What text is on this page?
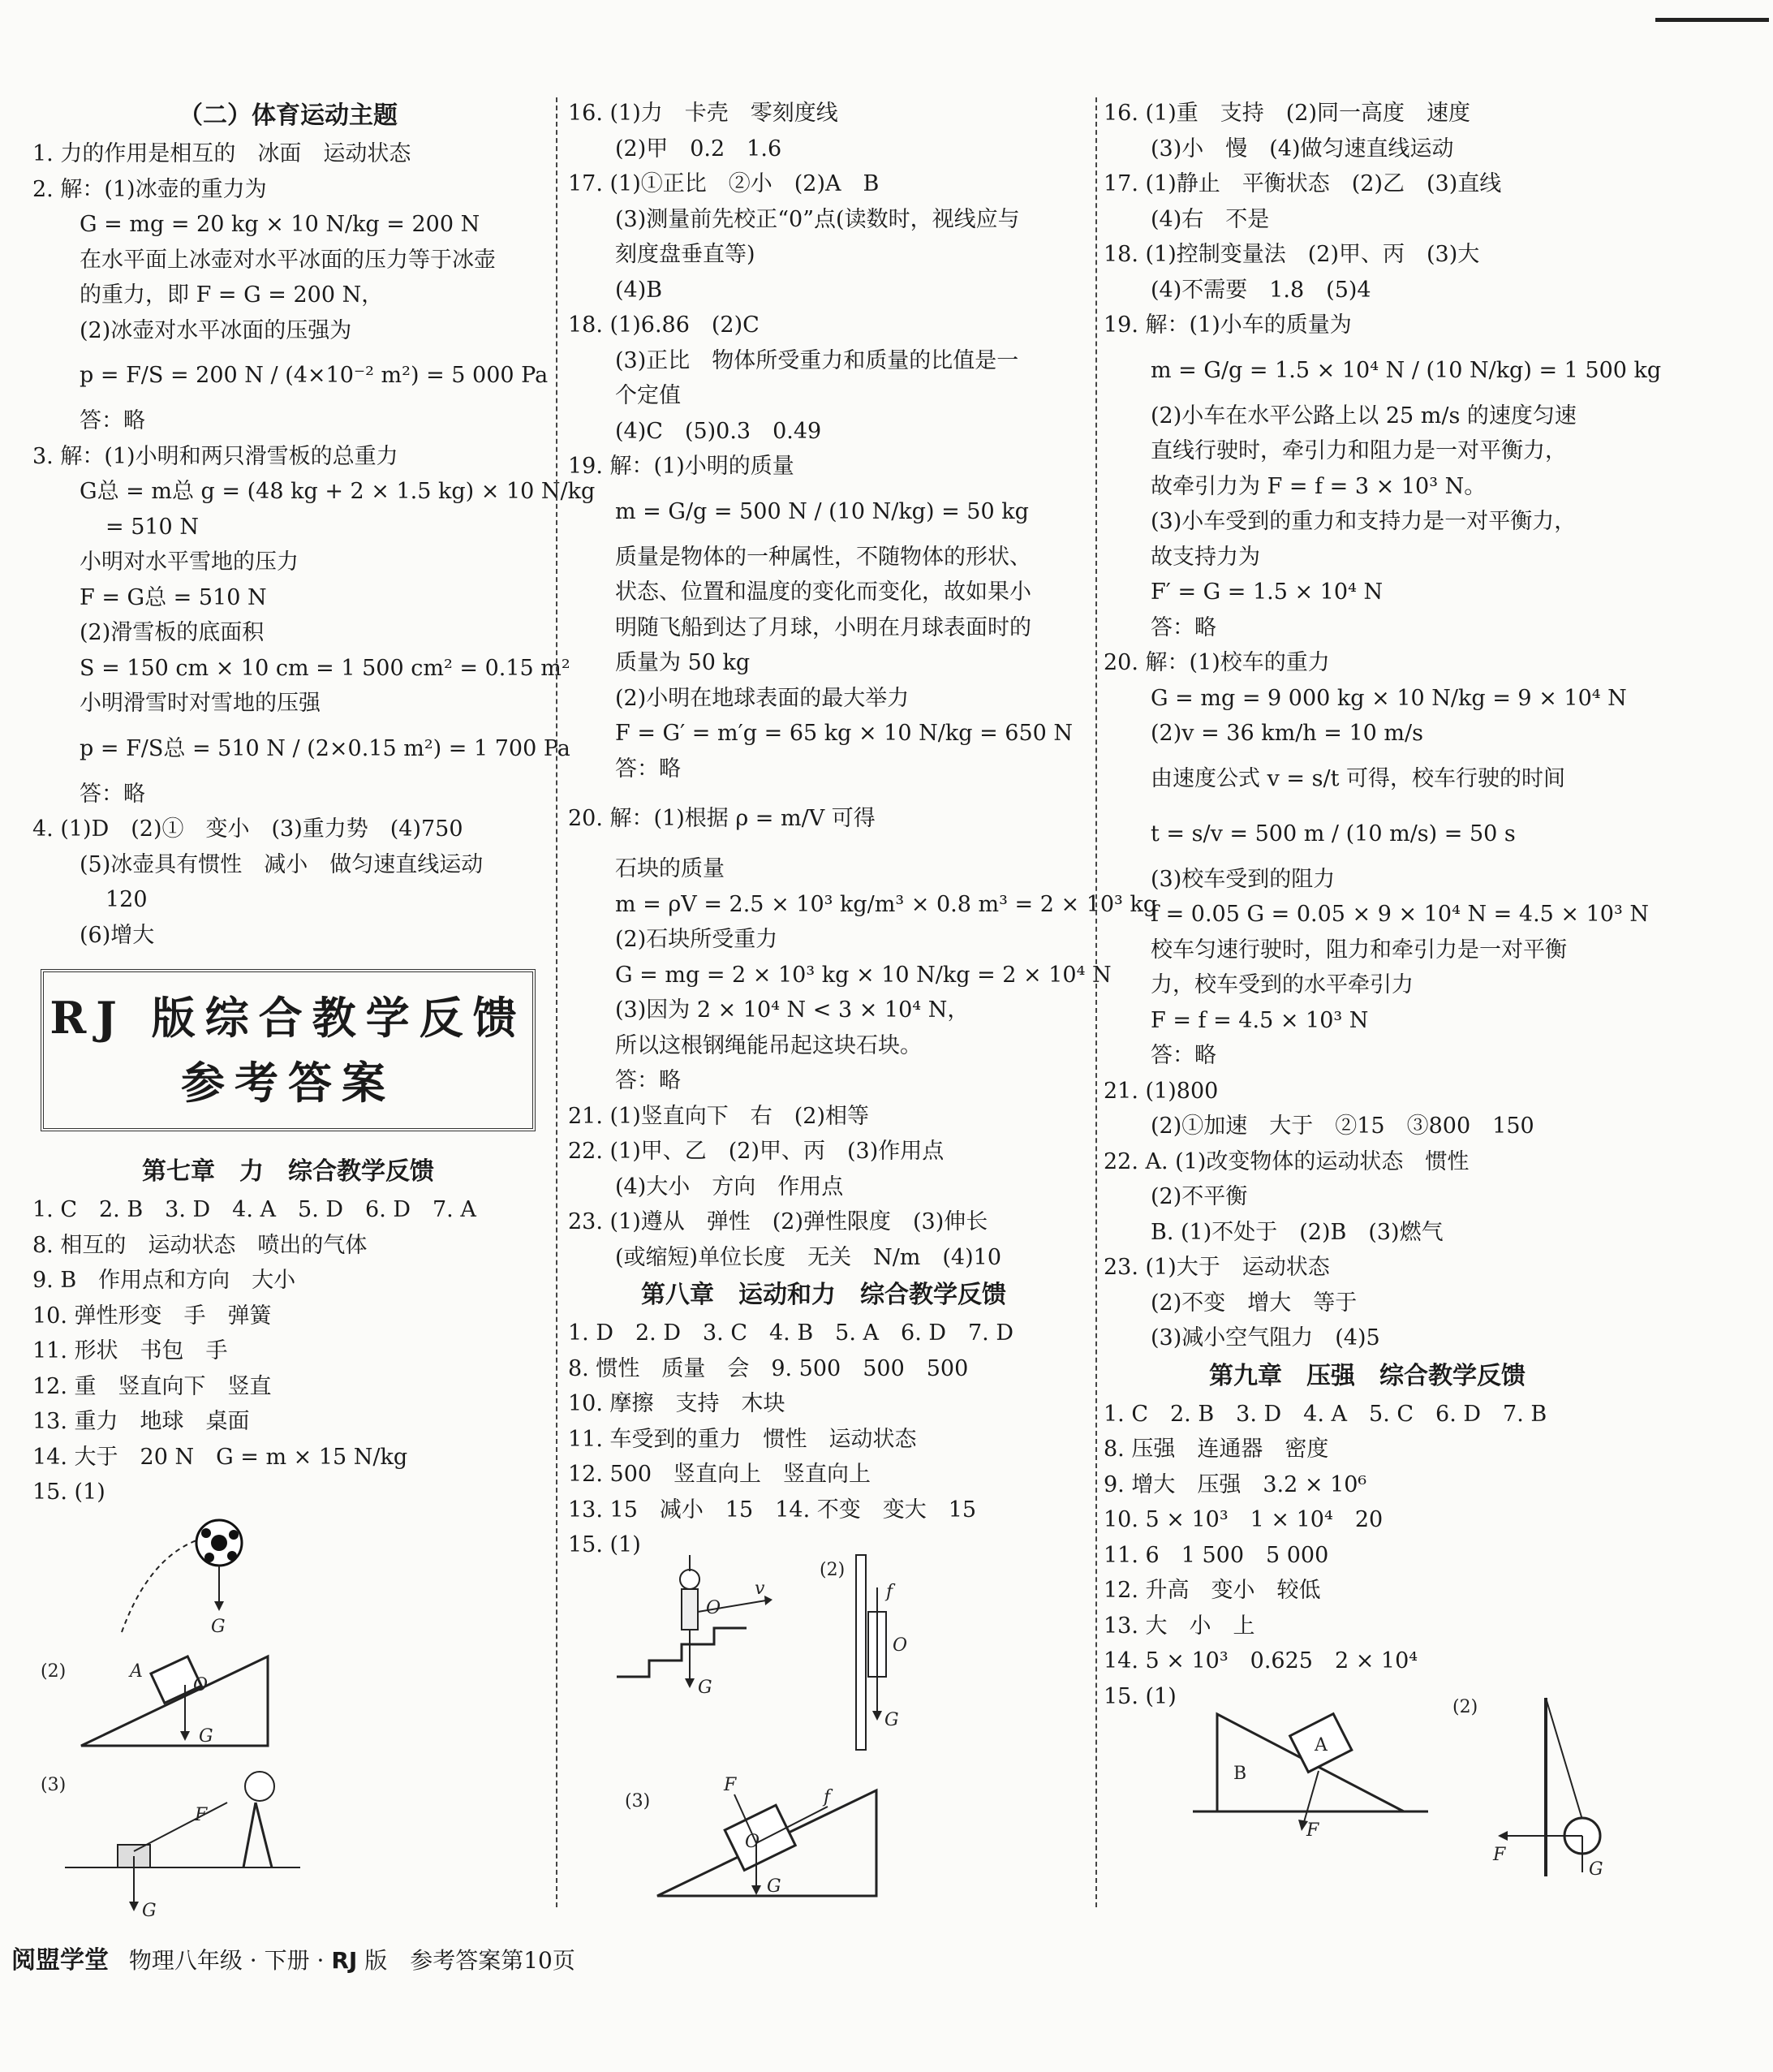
（二）体育运动主题

1. 力的作用是相互的　冰面　运动状态

2. 解：(1)冰壶的重力为

G = mg = 20 kg × 10 N/kg = 200 N

在水平面上冰壶对水平冰面的压力等于冰壶

的重力，即 F = G = 200 N，

(2)冰壶对水平冰面的压强为

p = F/S = 200 N / (4×10⁻² m²) = 5 000 Pa

答：略

3. 解：(1)小明和两只滑雪板的总重力

G总 = m总 g = (48 kg + 2 × 1.5 kg) × 10 N/kg

= 510 N

小明对水平雪地的压力

F = G总 = 510 N

(2)滑雪板的底面积

S = 150 cm × 10 cm = 1 500 cm² = 0.15 m²

小明滑雪时对雪地的压强

p = F/S总 = 510 N / (2×0.15 m²) = 1 700 Pa

答：略

4. (1)D　(2)①　变小　(3)重力势　(4)750

(5)冰壶具有惯性　减小　做匀速直线运动

120

(6)增大

RJ 版综合教学反馈
参考答案

第七章　力　综合教学反馈

1. C　2. B　3. D　4. A　5. D　6. D　7. A

8. 相互的　运动状态　喷出的气体

9. B　作用点和方向　大小

10. 弹性形变　手　弹簧

11. 形状　书包　手

12. 重　竖直向下　竖直

13. 重力　地球　桌面

14. 大于　20 N　G = m × 15 N/kg

15. (1)

G
(2)	A
O
G
(3)
F
G

16. (1)力　卡壳　零刻度线

(2)甲　0.2　1.6

17. (1)①正比　②小　(2)A　B

(3)测量前先校正“0”点(读数时，视线应与

刻度盘垂直等)

(4)B

18. (1)6.86　(2)C

(3)正比　物体所受重力和质量的比值是一

个定值

(4)C　(5)0.3　0.49

19. 解：(1)小明的质量

m = G/g = 500 N / (10 N/kg) = 50 kg

质量是物体的一种属性，不随物体的形状、

状态、位置和温度的变化而变化，故如果小

明随飞船到达了月球，小明在月球表面时的

质量为 50 kg

(2)小明在地球表面的最大举力

F = G′ = m′g = 65 kg × 10 N/kg = 650 N

答：略

20. 解：(1)根据 ρ = m/V 可得

石块的质量

m = ρV = 2.5 × 10³ kg/m³ × 0.8 m³ = 2 × 10³ kg

(2)石块所受重力

G = mg = 2 × 10³ kg × 10 N/kg = 2 × 10⁴ N

(3)因为 2 × 10⁴ N < 3 × 10⁴ N，

所以这根钢绳能吊起这块石块。

答：略

21. (1)竖直向下　右　(2)相等

22. (1)甲、乙　(2)甲、丙　(3)作用点

(4)大小　方向　作用点

23. (1)遵从　弹性　(2)弹性限度　(3)伸长

(或缩短)单位长度　无关　N/m　(4)10

第八章　运动和力　综合教学反馈

1. D　2. D　3. C　4. B　5. A　6. D　7. D

8. 惯性　质量　会　9. 500　500　500

10. 摩擦　支持　木块

11. 车受到的重力　惯性　运动状态

12. 500　竖直向上　竖直向上

13. 15　减小　15　14. 不变　变大　15

15. (1)

v
O
G
(2)
f
O
G
(3)
O
F
f
G

16. (1)重　支持　(2)同一高度　速度

(3)小　慢　(4)做匀速直线运动

17. (1)静止　平衡状态　(2)乙　(3)直线

(4)右　不是

18. (1)控制变量法　(2)甲、丙　(3)大

(4)不需要　1.8　(5)4

19. 解：(1)小车的质量为

m = G/g = 1.5 × 10⁴ N / (10 N/kg) = 1 500 kg

(2)小车在水平公路上以 25 m/s 的速度匀速

直线行驶时，牵引力和阻力是一对平衡力，

故牵引力为 F = f = 3 × 10³ N。

(3)小车受到的重力和支持力是一对平衡力，

故支持力为

F′ = G = 1.5 × 10⁴ N

答：略

20. 解：(1)校车的重力

G = mg = 9 000 kg × 10 N/kg = 9 × 10⁴ N

(2)v = 36 km/h = 10 m/s

由速度公式 v = s/t 可得，校车行驶的时间

t = s/v = 500 m / (10 m/s) = 50 s

(3)校车受到的阻力

f = 0.05 G = 0.05 × 9 × 10⁴ N = 4.5 × 10³ N

校车匀速行驶时，阻力和牵引力是一对平衡

力，校车受到的水平牵引力

F = f = 4.5 × 10³ N

答：略

21. (1)800

(2)①加速　大于　②15　③800　150

22. A. (1)改变物体的运动状态　惯性

(2)不平衡

B. (1)不处于　(2)B　(3)燃气

23. (1)大于　运动状态

(2)不变　增大　等于

(3)减小空气阻力　(4)5

第九章　压强　综合教学反馈

1. C　2. B　3. D　4. A　5. C　6. D　7. B

8. 压强　连通器　密度

9. 增大　压强　3.2 × 10⁶

10. 5 × 10³　1 × 10⁴　20

11. 6　1 500　5 000

12. 升高　变小　较低

13. 大　小　上

14. 5 × 10³　0.625　2 × 10⁴

15. (1)

B
A
F
(2)
F
G
阅盟学堂 物理八年级 · 下册 · RJ 版　参考答案第10页
